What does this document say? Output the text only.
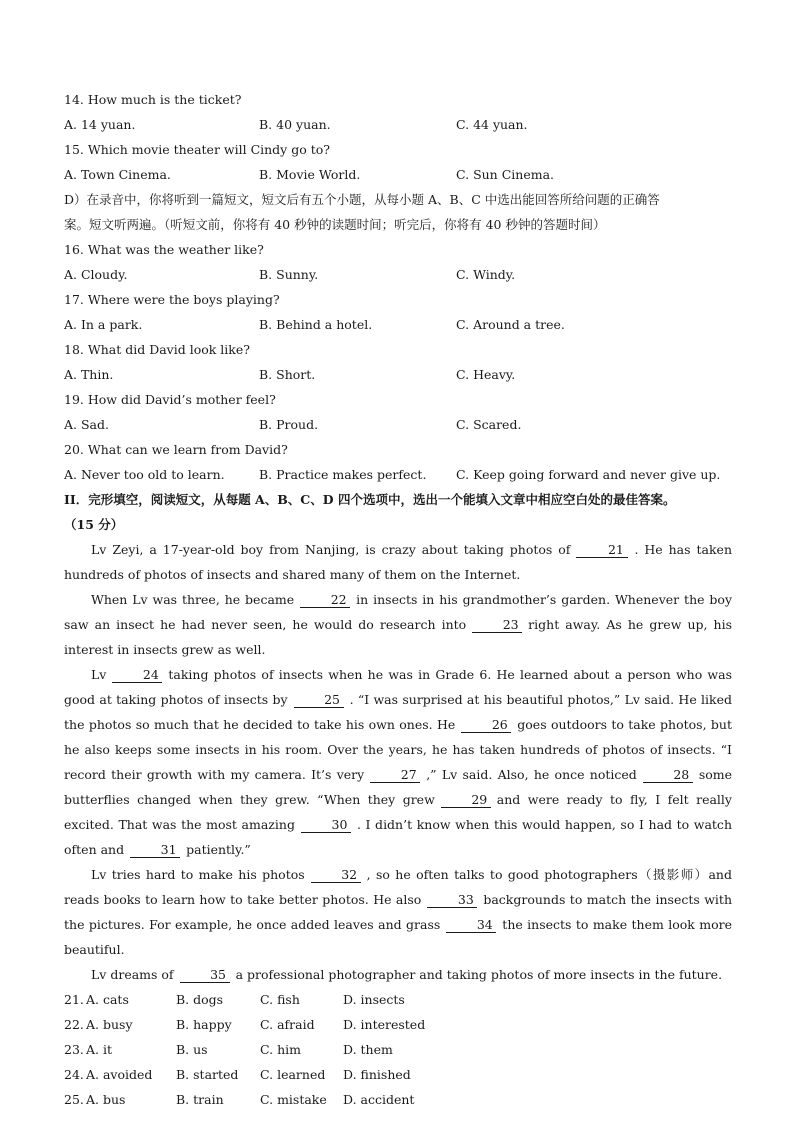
14. How much is the ticket?
A. 14 yuan.	B. 40 yuan.	C. 44 yuan.
15. Which movie theater will Cindy go to?
A. Town Cinema.	B. Movie World.	C. Sun Cinema.
D）在录音中，你将听到一篇短文，短文后有五个小题，从每小题 A、B、C 中选出能回答所给问题的正确答
案。短文听两遍。（听短文前，你将有 40 秒钟的读题时间；听完后，你将有 40 秒钟的答题时间）
16. What was the weather like?
A. Cloudy.	B. Sunny.	C. Windy.
17. Where were the boys playing?
A. In a park.	B. Behind a hotel.	C. Around a tree.
18. What did David look like?
A. Thin.	B. Short.	C. Heavy.
19. How did David’s mother feel?
A. Sad.	B. Proud.	C. Scared.
20. What can we learn from David?
A. Never too old to learn.	B. Practice makes perfect. C. Keep going forward and never give up.
II．完形填空，阅读短文，从每题 A、B、C、D 四个选项中，选出一个能填入文章中相应空白处的最佳答案。
（15 分）
Lv Zeyi, a 17-year-old boy from Nanjing, is crazy about taking photos of	21 . He has taken hundreds of photos of insects and shared many of them on the Internet.
When Lv was three, he became	22 in insects in his grandmother’s garden. Whenever the boy saw an insect he had never seen, he would do research into	23 right away. As he grew up, his interest in insects grew as well.
Lv	24 taking photos of insects when he was in Grade 6. He learned about a person who was good at taking photos of insects by	25 . “I was surprised at his beautiful photos,” Lv said. He liked the photos so much that he decided to take his own ones. He	26 goes outdoors to take photos, but he also keeps some insects in his room. Over the years, he has taken hundreds of photos of insects. “I record their growth with my camera. It’s very	27 ,” Lv said. Also, he once noticed	28 some butterflies changed when they grew. “When they grew	29 and were ready to fly, I felt really excited. That was the most amazing	30 . I didn’t know when this would happen, so I had to watch often and	31 patiently.”
Lv tries hard to make his photos	32 , so he often talks to good photographers（摄影师）and reads books to learn how to take better photos. He also	33 backgrounds to match the insects with the pictures. For example, he once added leaves and grass	34 the insects to make them look more beautiful.
Lv dreams of	35 a professional photographer and taking photos of more insects in the future.
21. A. cats	B. dogs	C. fish	D. insects
22. A. busy	B. happy C. afraid D. interested
23. A. it	B. us	C. him	D. them
24. A. avoided B. started C. learned D. finished
25. A. bus	B. train	C. mistake D. accident
